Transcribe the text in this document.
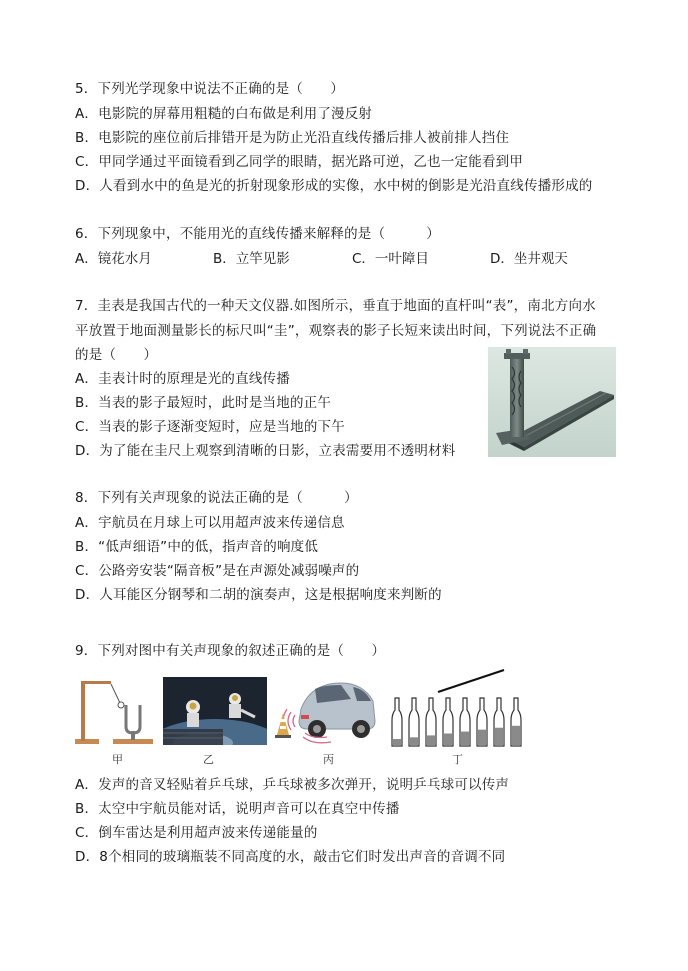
5．下列光学现象中说法不正确的是（　　）
A．电影院的屏幕用粗糙的白布做是利用了漫反射
B．电影院的座位前后排错开是为防止光沿直线传播后排人被前排人挡住
C．甲同学通过平面镜看到乙同学的眼睛，据光路可逆，乙也一定能看到甲
D．人看到水中的鱼是光的折射现象形成的实像，水中树的倒影是光沿直线传播形成的
6．下列现象中，不能用光的直线传播来解释的是（　　　）
A．镜花水月	B．立竿见影	C．一叶障目	D．坐井观天
7．圭表是我国古代的一种天文仪器.如图所示，垂直于地面的直杆叫“表”，南北方向水
平放置于地面测量影长的标尺叫“圭”，观察表的影子长短来读出时间，下列说法不正确
的是（　　）
A．圭表计时的原理是光的直线传播
B．当表的影子最短时，此时是当地的正午
C．当表的影子逐渐变短时，应是当地的下午
D．为了能在圭尺上观察到清晰的日影，立表需要用不透明材料
8．下列有关声现象的说法正确的是（　　　）
A．宇航员在月球上可以用超声波来传递信息
B．“低声细语”中的低，指声音的响度低
C．公路旁安装“隔音板”是在声源处减弱噪声的
D．人耳能区分钢琴和二胡的演奏声，这是根据响度来判断的
9．下列对图中有关声现象的叙述正确的是（　　）
甲	乙	丙	丁
A．发声的音叉轻贴着乒乓球，乒乓球被多次弹开，说明乒乓球可以传声
B．太空中宇航员能对话，说明声音可以在真空中传播
C．倒车雷达是利用超声波来传递能量的
D．8个相同的玻璃瓶装不同高度的水，敲击它们时发出声音的音调不同
